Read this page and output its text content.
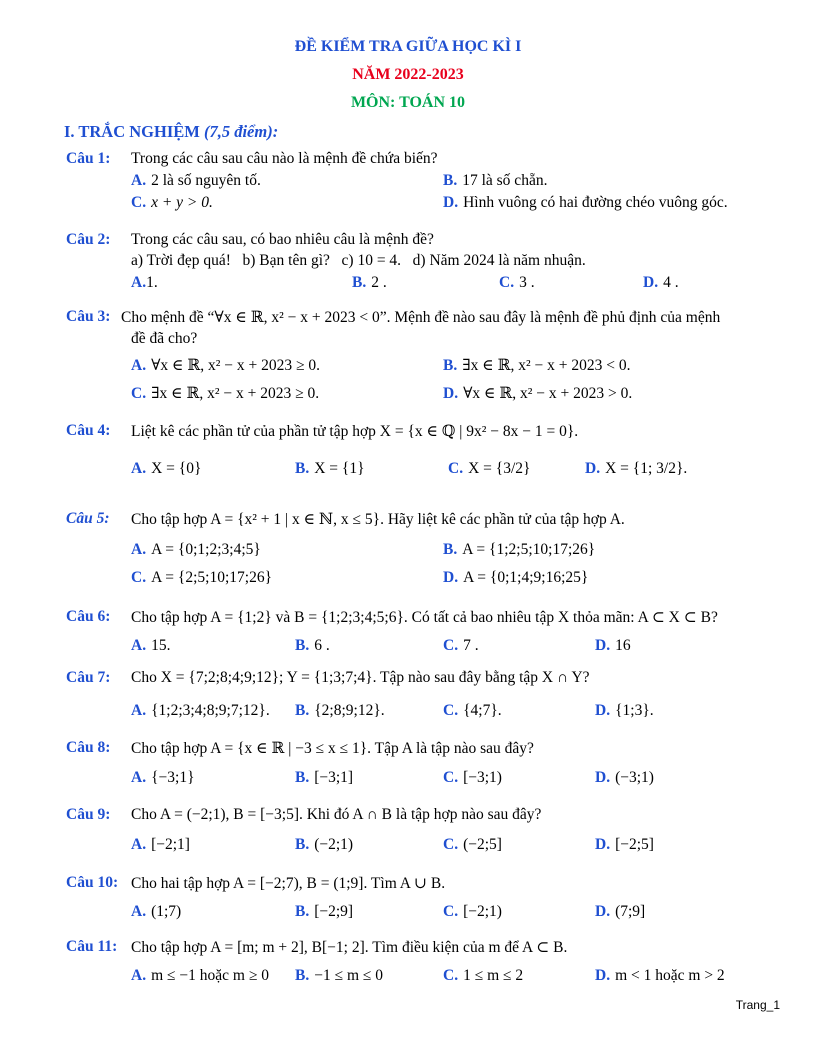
ĐỀ KIỂM TRA GIỮA HỌC KÌ I
NĂM 2022-2023
MÔN: TOÁN 10
I. TRẮC NGHIỆM (7,5 điểm):
Câu 1: Trong các câu sau câu nào là mệnh đề chứa biến?
A. 2 là số nguyên tố.	B. 17 là số chẵn.
C. x + y > 0.	D. Hình vuông có hai đường chéo vuông góc.
Câu 2: Trong các câu sau, có bao nhiêu câu là mệnh đề?
a) Trời đẹp quá!   b) Bạn tên gì?   c) 10 = 4.   d) Năm 2024 là năm nhuận.
A.1.	B. 2 .	C. 3 .	D. 4 .
Câu 3: Cho mệnh đề “∀x ∈ ℝ, x² − x + 2023 < 0”. Mệnh đề nào sau đây là mệnh đề phủ định của mệnh
đề đã cho?
A. ∀x ∈ ℝ, x² − x + 2023 ≥ 0.	B. ∃x ∈ ℝ, x² − x + 2023 < 0.
C. ∃x ∈ ℝ, x² − x + 2023 ≥ 0.	D. ∀x ∈ ℝ, x² − x + 2023 > 0.
Câu 4: Liệt kê các phần tử của phần tử tập hợp X = {x ∈ ℚ | 9x² − 8x − 1 = 0}.
A. X = {0}	B. X = {1}	C. X = {3/2}	D. X = {1; 3/2}.
Câu 5: Cho tập hợp A = {x² + 1 | x ∈ ℕ, x ≤ 5}. Hãy liệt kê các phần tử của tập hợp A.
A. A = {0;1;2;3;4;5}	B. A = {1;2;5;10;17;26}
C. A = {2;5;10;17;26}	D. A = {0;1;4;9;16;25}
Câu 6: Cho tập hợp A = {1;2} và B = {1;2;3;4;5;6}. Có tất cả bao nhiêu tập X thỏa mãn: A ⊂ X ⊂ B?
A. 15.	B. 6 .	C. 7 .	D. 16
Câu 7: Cho X = {7;2;8;4;9;12}; Y = {1;3;7;4}. Tập nào sau đây bằng tập X ∩ Y?
A. {1;2;3;4;8;9;7;12}. B. {2;8;9;12}.	C. {4;7}.	D. {1;3}.
Câu 8: Cho tập hợp A = {x ∈ ℝ | −3 ≤ x ≤ 1}. Tập A là tập nào sau đây?
A. {−3;1}	B. [−3;1]	C. [−3;1)	D. (−3;1)
Câu 9: Cho A = (−2;1), B = [−3;5]. Khi đó A ∩ B là tập hợp nào sau đây?
A. [−2;1]	B. (−2;1)	C. (−2;5]	D. [−2;5]
Câu 10: Cho hai tập hợp A = [−2;7), B = (1;9]. Tìm A ∪ B.
A. (1;7)	B. [−2;9]	C. [−2;1)	D. (7;9]
Câu 11: Cho tập hợp A = [m; m + 2], B[−1; 2]. Tìm điều kiện của m để A ⊂ B.
A. m ≤ −1 hoặc m ≥ 0 B. −1 ≤ m ≤ 0	C. 1 ≤ m ≤ 2	D. m < 1 hoặc m > 2
Trang_1
